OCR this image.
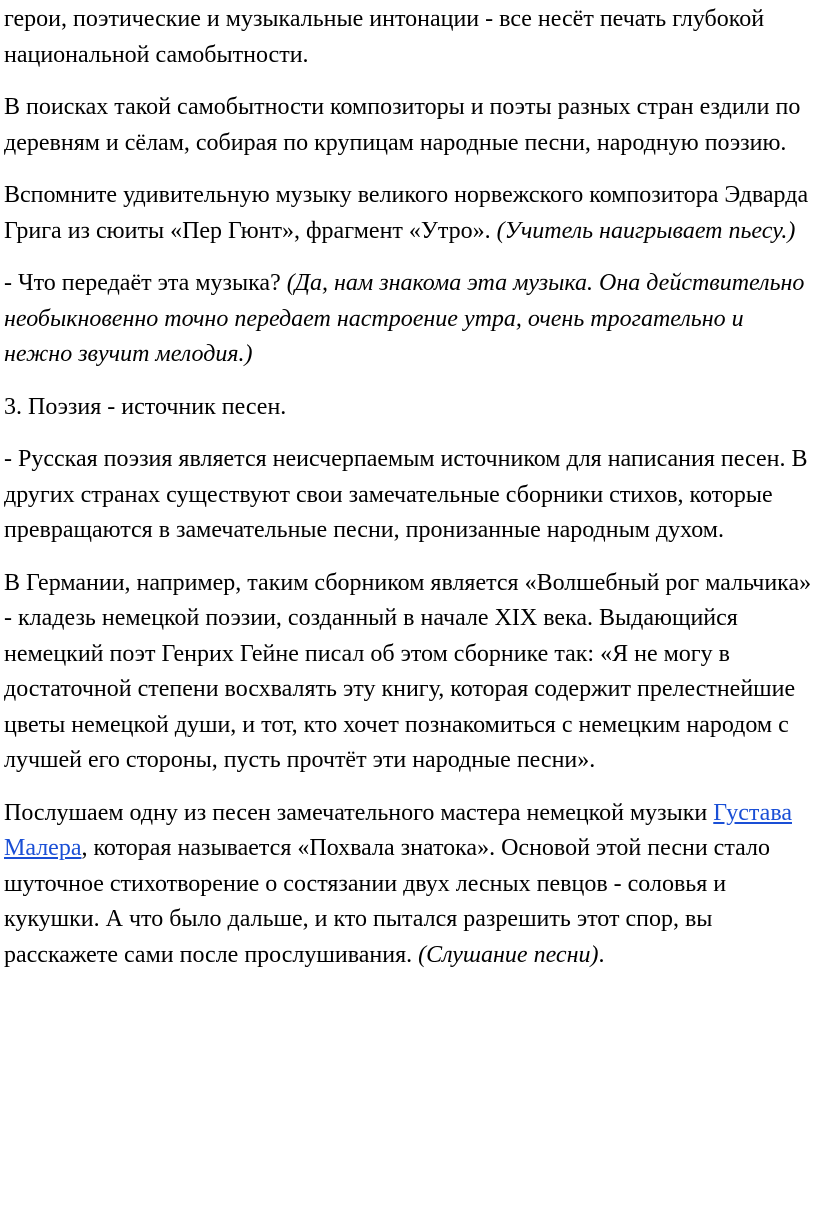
герои, поэтические и музыкальные интонации - все несёт печать глубокой национальной самобытности.

В поисках такой самобытности композиторы и поэты разных стран ездили по деревням и сёлам, собирая по крупицам народные песни, народную поэзию.

Вспомните удивительную музыку великого норвежского композитора Эдварда Грига из сюиты «Пер Гюнт», фрагмент «Утро». (Учитель наигрывает пьесу.)

- Что передаёт эта музыка? (Да, нам знакома эта музыка. Она действительно необыкновенно точно передает настроение утра, очень трогательно и нежно звучит мелодия.)

3. Поэзия - источник песен.

- Русская поэзия является неисчерпаемым источником для написания песен. В других странах существуют свои замечательные сборники стихов, которые превращаются в замечательные песни, пронизанные народным духом.

В Германии, например, таким сборником является «Волшебный рог мальчика» - кладезь немецкой поэзии, созданный в начале XIX века. Выдающийся немецкий поэт Генрих Гейне писал об этом сборнике так: «Я не могу в достаточной степени восхвалять эту книгу, которая содержит прелестнейшие цветы немецкой души, и тот, кто хочет познакомиться с немецким народом с лучшей его стороны, пусть прочтёт эти народные песни».

Послушаем одну из песен замечательного мастера немецкой музыки Густава Малера, которая называется «Похвала знатока». Основой этой песни стало шуточное стихотворение о состязании двух лесных певцов - соловья и кукушки. А что было дальше, и кто пытался разрешить этот спор, вы расскажете сами после прослушивания. (Слушание песни).
